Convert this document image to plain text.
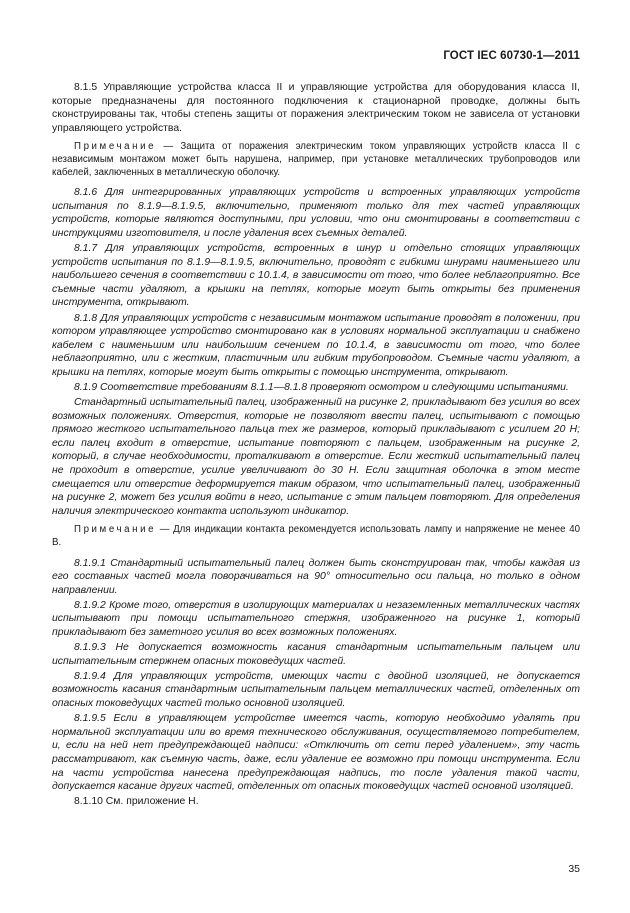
ГОСТ IEC 60730-1—2011

8.1.5 Управляющие устройства класса II и управляющие устройства для оборудования класса II, которые предназначены для постоянного подключения к стационарной проводке, должны быть сконструированы так, чтобы степень защиты от поражения электрическим током не зависела от установки управляющего устройства.

Примечание — Защита от поражения электрическим током управляющих устройств класса II с независимым монтажом может быть нарушена, например, при установке металлических трубопроводов или кабелей, заключенных в металлическую оболочку.

8.1.6 Для интегрированных управляющих устройств и встроенных управляющих устройств испытания по 8.1.9—8.1.9.5, включительно, применяют только для тех частей управляющих устройств, которые являются доступными, при условии, что они смонтированы в соответствии с инструкциями изготовителя, и после удаления всех съемных деталей.

8.1.7 Для управляющих устройств, встроенных в шнур и отдельно стоящих управляющих устройств испытания по 8.1.9—8.1.9.5, включительно, проводят с гибкими шнурами наименьшего или наибольшего сечения в соответствии с 10.1.4, в зависимости от того, что более неблагоприятно. Все съемные части удаляют, а крышки на петлях, которые могут быть открыты без применения инструмента, открывают.

8.1.8 Для управляющих устройств с независимым монтажом испытание проводят в положении, при котором управляющее устройство смонтировано как в условиях нормальной эксплуатации и снабжено кабелем с наименьшим или наибольшим сечением по 10.1.4, в зависимости от того, что более неблагоприятно, или с жестким, пластичным или гибким трубопроводом. Съемные части удаляют, а крышки на петлях, которые могут быть открыты с помощью инструмента, открывают.

8.1.9 Соответствие требованиям 8.1.1—8.1.8 проверяют осмотром и следующими испытаниями.

Стандартный испытательный палец, изображенный на рисунке 2, прикладывают без усилия во всех возможных положениях. Отверстия, которые не позволяют ввести палец, испытывают с помощью прямого жесткого испытательного пальца тех же размеров, который прикладывают с усилием 20 Н; если палец входит в отверстие, испытание повторяют с пальцем, изображенным на рисунке 2, который, в случае необходимости, проталкивают в отверстие. Если жесткий испытательный палец не проходит в отверстие, усилие увеличивают до 30 Н. Если защитная оболочка в этом месте смещается или отверстие деформируется таким образом, что испытательный палец, изображенный на рисунке 2, может без усилия войти в него, испытание с этим пальцем повторяют. Для определения наличия электрического контакта используют индикатор.

Примечание — Для индикации контакта рекомендуется использовать лампу и напряжение не менее 40 В.

8.1.9.1 Стандартный испытательный палец должен быть сконструирован так, чтобы каждая из его составных частей могла поворачиваться на 90° относительно оси пальца, но только в одном направлении.

8.1.9.2 Кроме того, отверстия в изолирующих материалах и незаземленных металлических частях испытывают при помощи испытательного стержня, изображенного на рисунке 1, который прикладывают без заметного усилия во всех возможных положениях.

8.1.9.3 Не допускается возможность касания стандартным испытательным пальцем или испытательным стержнем опасных токоведущих частей.

8.1.9.4 Для управляющих устройств, имеющих части с двойной изоляцией, не допускается возможность касания стандартным испытательным пальцем металлических частей, отделенных от опасных токоведущих частей только основной изоляцией.

8.1.9.5 Если в управляющем устройстве имеется часть, которую необходимо удалять при нормальной эксплуатации или во время технического обслуживания, осуществляемого потребителем, и, если на ней нет предупреждающей надписи: «Отключить от сети перед удалением», эту часть рассматривают, как съемную часть, даже, если удаление ее возможно при помощи инструмента. Если на части устройства нанесена предупреждающая надпись, то после удаления такой части, допускается касание других частей, отделенных от опасных токоведущих частей основной изоляцией.

8.1.10 См. приложение Н.

35
